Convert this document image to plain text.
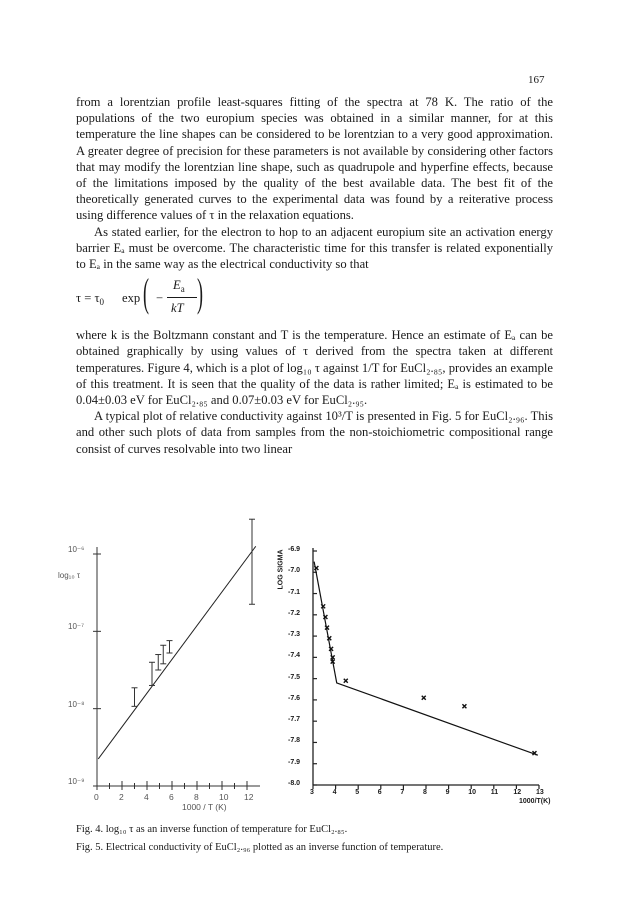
167

from a lorentzian profile least-squares fitting of the spectra at 78 K. The ratio of the populations of the two europium species was obtained in a similar manner, for at this temperature the line shapes can be considered to be lorentzian to a very good approximation. A greater degree of precision for these parameters is not available by considering other factors that may modify the lorentzian line shape, such as quadrupole and hyperfine effects, because of the limitations imposed by the quality of the best available data. The best fit of the theoretically generated curves to the experimental data was found by a reiterative process using difference values of τ in the relaxation equations.

As stated earlier, for the electron to hop to an adjacent europium site an activation energy barrier Eₐ must be overcome. The characteristic time for this transfer is related exponentially to Eₐ in the same way as the electrical conductivity so that

$\tau = \tau_0$ exp ( −
$E_a$
kT )

where k is the Boltzmann constant and T is the temperature. Hence an estimate of Eₐ can be obtained graphically by using values of τ derived from the spectra taken at different temperatures. Figure 4, which is a plot of log₁₀ τ against 1/T for EuCl₂.₈₅, provides an example of this treatment. It is seen that the quality of the data is rather limited; Eₐ is estimated to be 0.04±0.03 eV for EuCl₂.₈₅ and 0.07±0.03 eV for EuCl₂.₉₅.

A typical plot of relative conductivity against 10³/T is presented in Fig. 5 for EuCl₂.₉₆. This and other such plots of data from samples from the non-stoichiometric compositional range consist of curves resolvable into two linear

log₁₀ τ
10⁻⁹
10⁻⁸
10⁻⁷
10⁻⁶
0 2 4 6 8 10 12
1000 / T (K)
LOG SIGMA -6.9
-7.0
-7.1
-7.2
-7.3
-7.4
-7.5
-7.6
-7.7
-7.8
-7.9
-8.0
3	4	5	6	7	8	9	10 11 12 13
1000/T(K)
Fig. 4. log₁₀ τ as an inverse function of temperature for EuCl₂.₈₅.
Fig. 5. Electrical conductivity of EuCl₂.₉₆ plotted as an inverse function of temperature.
